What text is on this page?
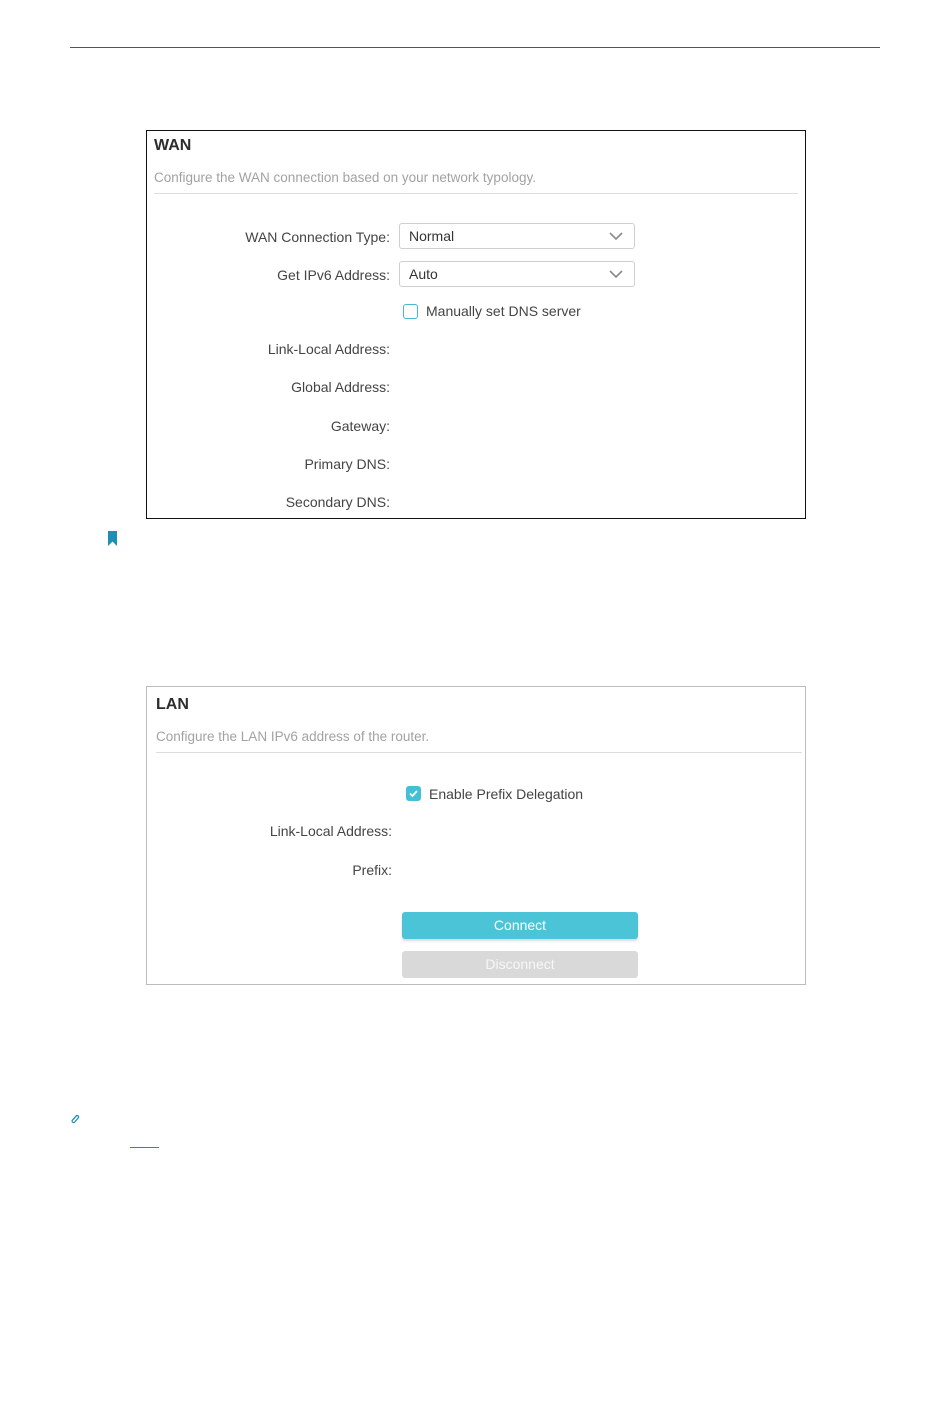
WAN
Configure the WAN connection based on your network typology.
WAN Connection Type:	Normal
Get IPv6 Address:	Auto
Manually set DNS server
Link-Local Address:
Global Address:
Gateway:
Primary DNS:
Secondary DNS:
LAN
Configure the LAN IPv6 address of the router.
Enable Prefix Delegation
Link-Local Address:
Prefix:
Connect
Disconnect
